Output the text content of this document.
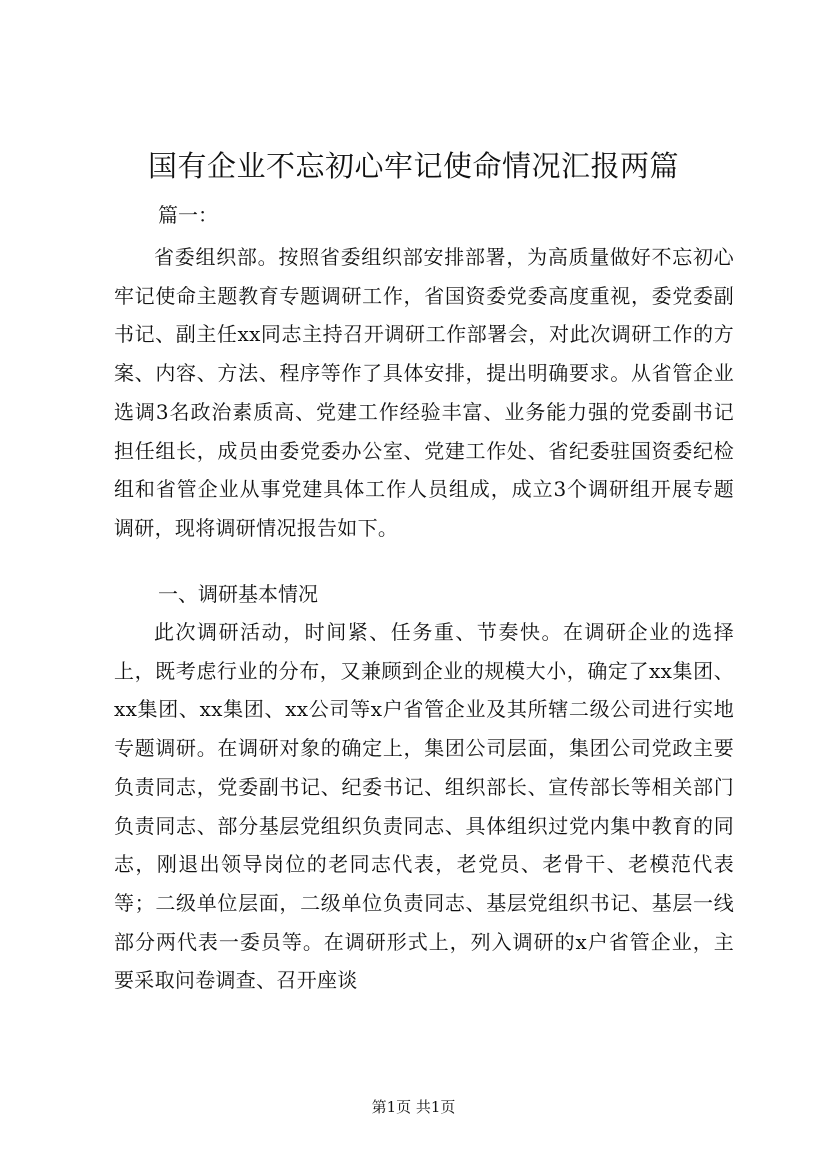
国有企业不忘初心牢记使命情况汇报两篇
篇一：

省委组织部。按照省委组织部安排部署，为高质量做好不忘初心牢记使命主题教育专题调研工作，省国资委党委高度重视，委党委副书记、副主任xx同志主持召开调研工作部署会，对此次调研工作的方案、内容、方法、程序等作了具体安排，提出明确要求。从省管企业选调3名政治素质高、党建工作经验丰富、业务能力强的党委副书记担任组长，成员由委党委办公室、党建工作处、省纪委驻国资委纪检组和省管企业从事党建具体工作人员组成，成立3个调研组开展专题调研，现将调研情况报告如下。

一、调研基本情况

此次调研活动，时间紧、任务重、节奏快。在调研企业的选择上，既考虑行业的分布，又兼顾到企业的规模大小，确定了xx集团、xx集团、xx集团、xx公司等x户省管企业及其所辖二级公司进行实地专题调研。在调研对象的确定上，集团公司层面，集团公司党政主要负责同志，党委副书记、纪委书记、组织部长、宣传部长等相关部门负责同志、部分基层党组织负责同志、具体组织过党内集中教育的同志，刚退出领导岗位的老同志代表，老党员、老骨干、老模范代表等；二级单位层面，二级单位负责同志、基层党组织书记、基层一线部分两代表一委员等。在调研形式上，列入调研的x户省管企业，主要采取问卷调查、召开座谈

第1页 共1页
